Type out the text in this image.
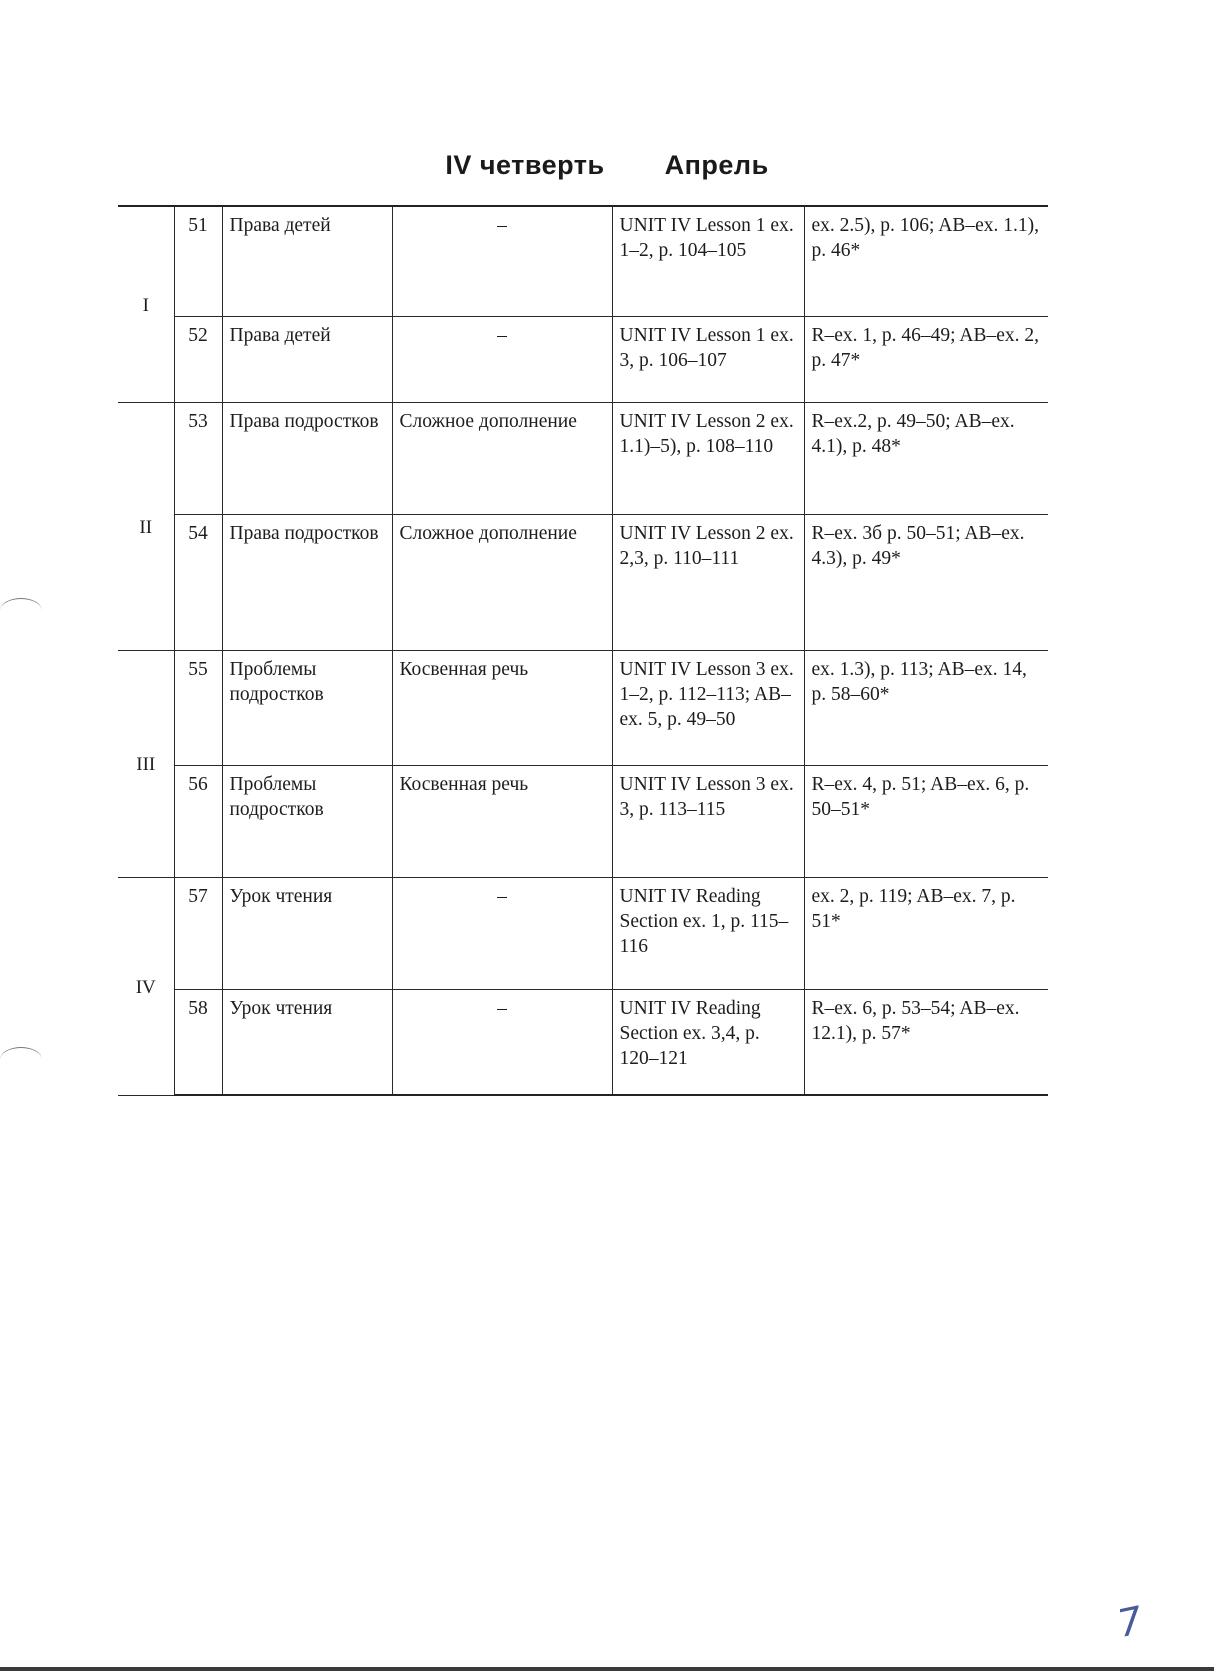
IV четверть Апрель
I	51	Права детей	–	UNIT IV Lesson 1 ex. 1–2, p. 104–105	ex. 2.5), p. 106; AB–ex. 1.1), p. 46*
	52	Права детей	–	UNIT IV Lesson 1 ex. 3, p. 106–107	R–ex. 1, p. 46–49; AB–ex. 2, p. 47*
II	53	Права подростков	Сложное дополнение	UNIT IV Lesson 2 ex. 1.1)–5), p. 108–110	R–ex.2, p. 49–50; AB–ex. 4.1), p. 48*
	54	Права подростков	Сложное дополнение	UNIT IV Lesson 2 ex. 2,3, p. 110–111	R–ex. 3б p. 50–51; AB–ex. 4.3), p. 49*
III	55	Проблемы подростков	Косвенная речь	UNIT IV Lesson 3 ex. 1–2, p. 112–113; AB–ex. 5, p. 49–50	ex. 1.3), p. 113; AB–ex. 14, p. 58–60*
	56	Проблемы подростков	Косвенная речь	UNIT IV Lesson 3 ex. 3, p. 113–115	R–ex. 4, p. 51; AB–ex. 6, p. 50–51*
IV	57	Урок чтения	–	UNIT IV Reading Section ex. 1, p. 115–116	ex. 2, p. 119; AB–ex. 7, p. 51*
	58	Урок чтения	–	UNIT IV Reading Section ex. 3,4, p. 120–121	R–ex. 6, p. 53–54; AB–ex. 12.1), p. 57*
7
